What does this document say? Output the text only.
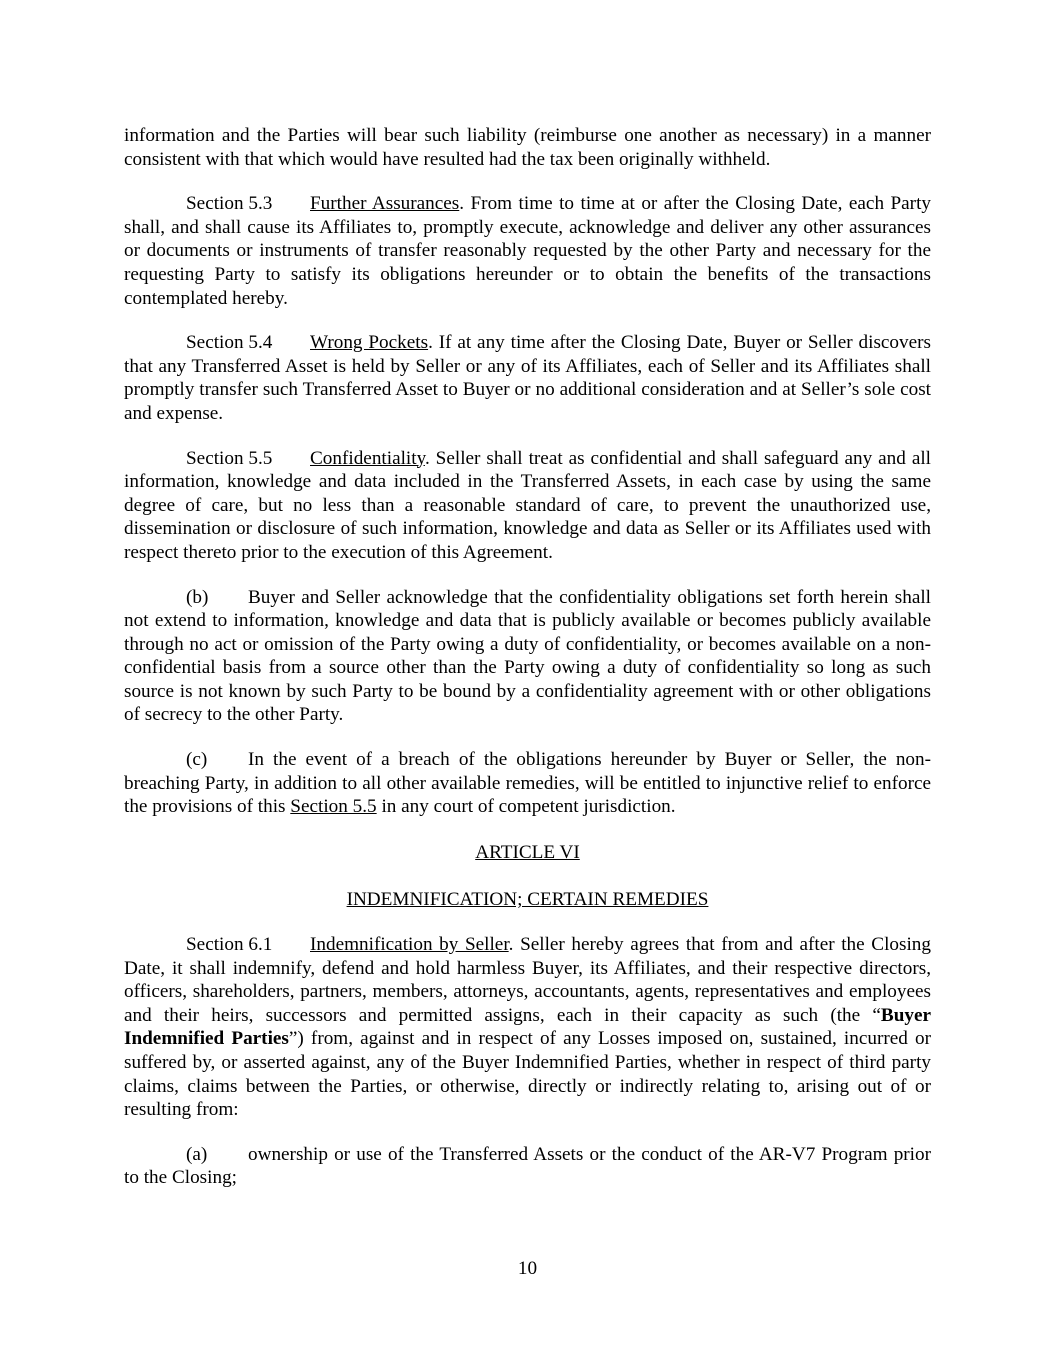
information and the Parties will bear such liability (reimburse one another as necessary) in a manner consistent with that which would have resulted had the tax been originally withheld.

Section 5.3 Further Assurances. From time to time at or after the Closing Date, each Party shall, and shall cause its Affiliates to, promptly execute, acknowledge and deliver any other assurances or documents or instruments of transfer reasonably requested by the other Party and necessary for the requesting Party to satisfy its obligations hereunder or to obtain the benefits of the transactions contemplated hereby.

Section 5.4 Wrong Pockets. If at any time after the Closing Date, Buyer or Seller discovers that any Transferred Asset is held by Seller or any of its Affiliates, each of Seller and its Affiliates shall promptly transfer such Transferred Asset to Buyer or no additional consideration and at Seller’s sole cost and expense.

Section 5.5 Confidentiality. Seller shall treat as confidential and shall safeguard any and all information, knowledge and data included in the Transferred Assets, in each case by using the same degree of care, but no less than a reasonable standard of care, to prevent the unauthorized use, dissemination or disclosure of such information, knowledge and data as Seller or its Affiliates used with respect thereto prior to the execution of this Agreement.

(b) Buyer and Seller acknowledge that the confidentiality obligations set forth herein shall not extend to information, knowledge and data that is publicly available or becomes publicly available through no act or omission of the Party owing a duty of confidentiality, or becomes available on a non-confidential basis from a source other than the Party owing a duty of confidentiality so long as such source is not known by such Party to be bound by a confidentiality agreement with or other obligations of secrecy to the other Party.

(c) In the event of a breach of the obligations hereunder by Buyer or Seller, the non-breaching Party, in addition to all other available remedies, will be entitled to injunctive relief to enforce the provisions of this Section 5.5 in any court of competent jurisdiction.

ARTICLE VI

INDEMNIFICATION; CERTAIN REMEDIES

Section 6.1 Indemnification by Seller. Seller hereby agrees that from and after the Closing Date, it shall indemnify, defend and hold harmless Buyer, its Affiliates, and their respective directors, officers, shareholders, partners, members, attorneys, accountants, agents, representatives and employees and their heirs, successors and permitted assigns, each in their capacity as such (the “Buyer Indemnified Parties”) from, against and in respect of any Losses imposed on, sustained, incurred or suffered by, or asserted against, any of the Buyer Indemnified Parties, whether in respect of third party claims, claims between the Parties, or otherwise, directly or indirectly relating to, arising out of or resulting from:

(a) ownership or use of the Transferred Assets or the conduct of the AR-V7 Program prior to the Closing;

10
